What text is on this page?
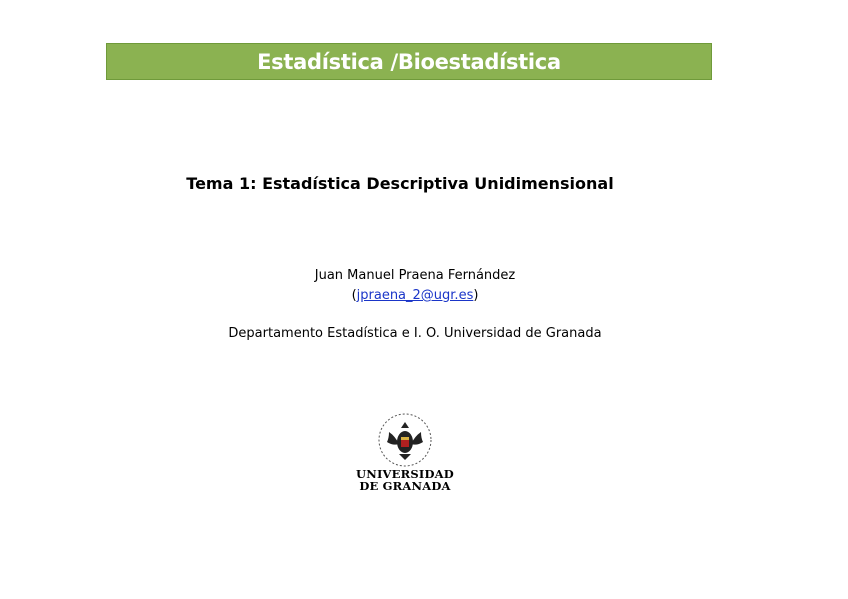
Estadística /Bioestadística
Tema 1: Estadística Descriptiva Unidimensional
Juan Manuel Praena Fernández
(jpraena_2@ugr.es)
Departamento Estadística e I. O. Universidad de Granada
UNIVERSIDAD
DE GRANADA
